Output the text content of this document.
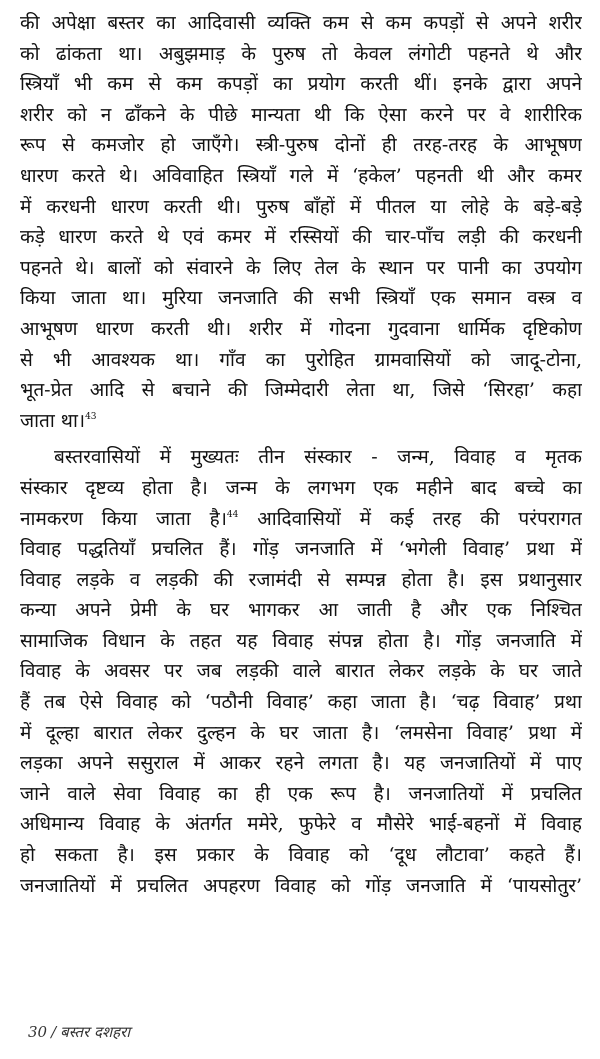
की अपेक्षा बस्तर का आदिवासी व्यक्ति कम से कम कपड़ों से अपने शरीर
को ढांकता था। अबुझमाड़ के पुरुष तो केवल लंगोटी पहनते थे और
स्त्रियाँ भी कम से कम कपड़ों का प्रयोग करती थीं। इनके द्वारा अपने
शरीर को न ढाँकने के पीछे मान्यता थी कि ऐसा करने पर वे शारीरिक
रूप से कमजोर हो जाएँगे। स्त्री-पुरुष दोनों ही तरह-तरह के आभूषण
धारण करते थे। अविवाहित स्त्रियाँ गले में ‘हकेल’ पहनती थी और कमर
में करधनी धारण करती थी। पुरुष बाँहों में पीतल या लोहे के बड़े-बड़े
कड़े धारण करते थे एवं कमर में रस्सियों की चार-पाँच लड़ी की करधनी
पहनते थे। बालों को संवारने के लिए तेल के स्थान पर पानी का उपयोग
किया जाता था। मुरिया जनजाति की सभी स्त्रियाँ एक समान वस्त्र व
आभूषण धारण करती थी। शरीर में गोदना गुदवाना धार्मिक दृष्टिकोण
से भी आवश्यक था। गाँव का पुरोहित ग्रामवासियों को जादू-टोना,
भूत-प्रेत आदि से बचाने की जिम्मेदारी लेता था, जिसे ‘सिरहा’ कहा
जाता था।$^{43}$
बस्तरवासियों में मुख्यतः तीन संस्कार - जन्म, विवाह व मृतक
संस्कार दृष्टव्य होता है। जन्म के लगभग एक महीने बाद बच्चे का
नामकरण किया जाता है।$^{44}$ आदिवासियों में कई तरह की परंपरागत
विवाह पद्धतियाँ प्रचलित हैं। गोंड़ जनजाति में ‘भगेली विवाह’ प्रथा में
विवाह लड़के व लड़की की रजामंदी से सम्पन्न होता है। इस प्रथानुसार
कन्या अपने प्रेमी के घर भागकर आ जाती है और एक निश्चित
सामाजिक विधान के तहत यह विवाह संपन्न होता है। गोंड़ जनजाति में
विवाह के अवसर पर जब लड़की वाले बारात लेकर लड़के के घर जाते
हैं तब ऐसे विवाह को ‘पठौनी विवाह’ कहा जाता है। ‘चढ़ विवाह’ प्रथा
में दूल्हा बारात लेकर दुल्हन के घर जाता है। ‘लमसेना विवाह’ प्रथा में
लड़का अपने ससुराल में आकर रहने लगता है। यह जनजातियों में पाए
जाने वाले सेवा विवाह का ही एक रूप है। जनजातियों में प्रचलित
अधिमान्य विवाह के अंतर्गत ममेरे, फुफेरे व मौसेरे भाई-बहनों में विवाह
हो सकता है। इस प्रकार के विवाह को ‘दूध लौटावा’ कहते हैं।
जनजातियों में प्रचलित अपहरण विवाह को गोंड़ जनजाति में ‘पायसोतुर’
30 / बस्तर दशहरा
